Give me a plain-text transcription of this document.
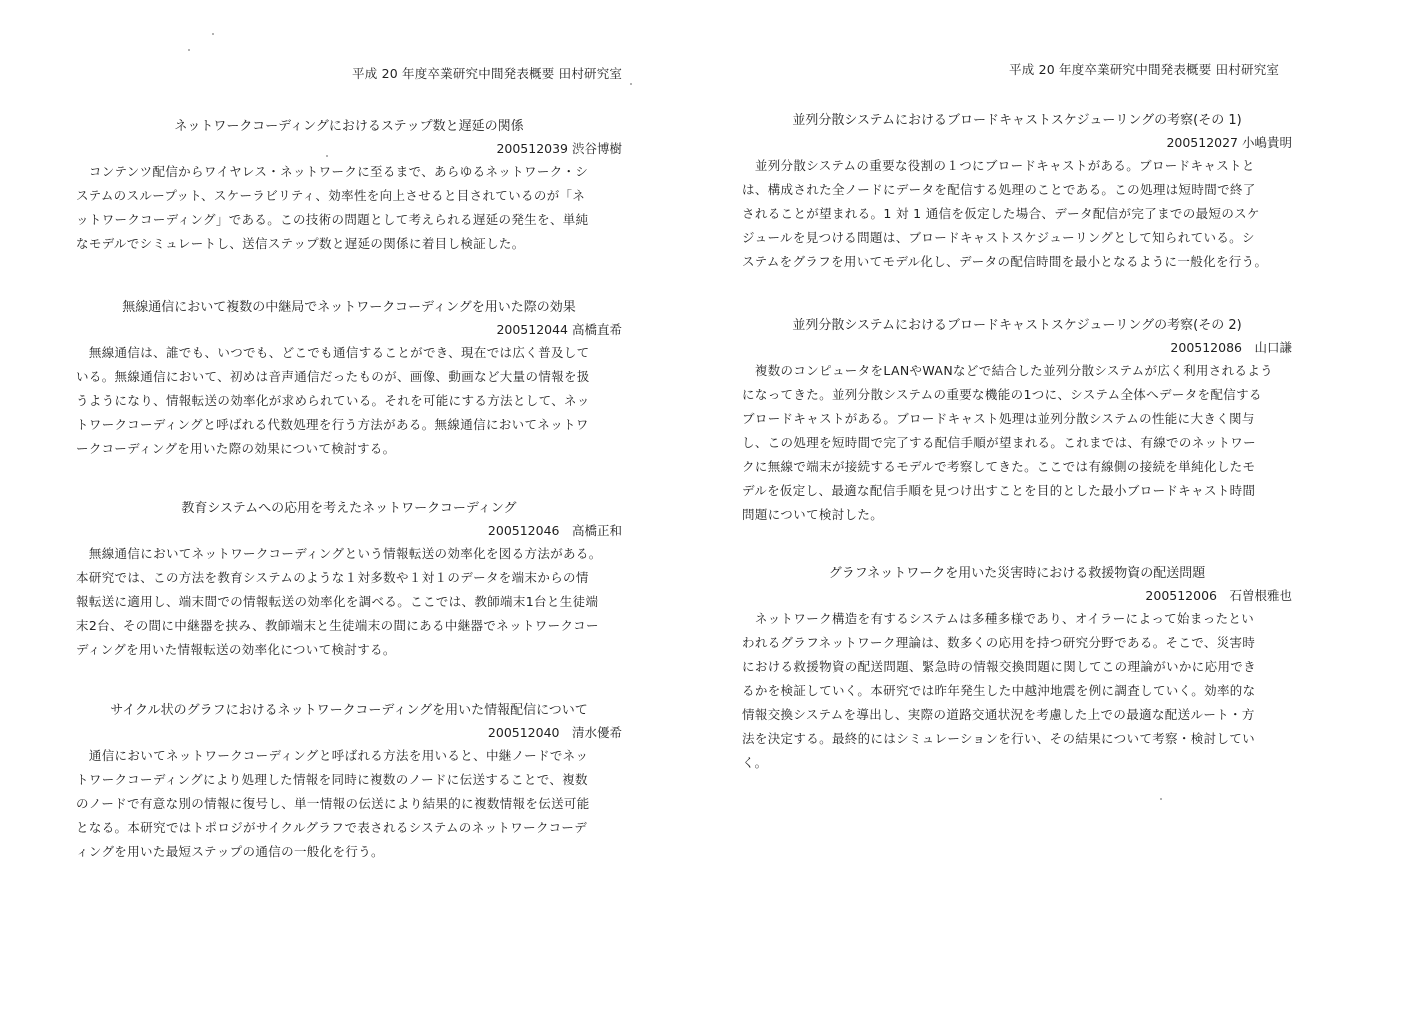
平成 20 年度卒業研究中間発表概要 田村研究室
ネットワークコーディングにおけるステップ数と遅延の関係
200512039 渋谷博樹
　コンテンツ配信からワイヤレス・ネットワークに至るまで、あらゆるネットワーク・シ
ステムのスループット、スケーラビリティ、効率性を向上させると目されているのが「ネ
ットワークコーディング」である。この技術の問題として考えられる遅延の発生を、単純
なモデルでシミュレートし、送信ステップ数と遅延の関係に着目し検証した。
無線通信において複数の中継局でネットワークコーディングを用いた際の効果
200512044 高橋直希
　無線通信は、誰でも、いつでも、どこでも通信することができ、現在では広く普及して
いる。無線通信において、初めは音声通信だったものが、画像、動画など大量の情報を扱
うようになり、情報転送の効率化が求められている。それを可能にする方法として、ネッ
トワークコーディングと呼ばれる代数処理を行う方法がある。無線通信においてネットワ
ークコーディングを用いた際の効果について検討する。
教育システムへの応用を考えたネットワークコーディング
200512046　高橋正和
　無線通信においてネットワークコーディングという情報転送の効率化を図る方法がある。
本研究では、この方法を教育システムのような１対多数や１対１のデータを端末からの情
報転送に適用し、端末間での情報転送の効率化を調べる。ここでは、教師端末1台と生徒端
末2台、その間に中継器を挟み、教師端末と生徒端末の間にある中継器でネットワークコー
ディングを用いた情報転送の効率化について検討する。
サイクル状のグラフにおけるネットワークコーディングを用いた情報配信について
200512040　清水優希
　通信においてネットワークコーディングと呼ばれる方法を用いると、中継ノードでネッ
トワークコーディングにより処理した情報を同時に複数のノードに伝送することで、複数
のノードで有意な別の情報に復号し、単一情報の伝送により結果的に複数情報を伝送可能
となる。本研究ではトポロジがサイクルグラフで表されるシステムのネットワークコーデ
ィングを用いた最短ステップの通信の一般化を行う。
平成 20 年度卒業研究中間発表概要 田村研究室
並列分散システムにおけるブロードキャストスケジューリングの考察(その 1)
200512027 小嶋貴明
　並列分散システムの重要な役割の１つにブロードキャストがある。ブロードキャストと
は、構成された全ノードにデータを配信する処理のことである。この処理は短時間で終了
されることが望まれる。1 対 1 通信を仮定した場合、データ配信が完了までの最短のスケ
ジュールを見つける問題は、ブロードキャストスケジューリングとして知られている。シ
ステムをグラフを用いてモデル化し、データの配信時間を最小となるように一般化を行う。
並列分散システムにおけるブロードキャストスケジューリングの考察(その 2)
200512086　山口謙
　複数のコンピュータをLANやWANなどで結合した並列分散システムが広く利用されるよう
になってきた。並列分散システムの重要な機能の1つに、システム全体へデータを配信する
ブロードキャストがある。ブロードキャスト処理は並列分散システムの性能に大きく関与
し、この処理を短時間で完了する配信手順が望まれる。これまでは、有線でのネットワー
クに無線で端末が接続するモデルで考察してきた。ここでは有線側の接続を単純化したモ
デルを仮定し、最適な配信手順を見つけ出すことを目的とした最小ブロードキャスト時間
問題について検討した。
グラフネットワークを用いた災害時における救援物資の配送問題
200512006　石曽根雅也
　ネットワーク構造を有するシステムは多種多様であり、オイラーによって始まったとい
われるグラフネットワーク理論は、数多くの応用を持つ研究分野である。そこで、災害時
における救援物資の配送問題、緊急時の情報交換問題に関してこの理論がいかに応用でき
るかを検証していく。本研究では昨年発生した中越沖地震を例に調査していく。効率的な
情報交換システムを導出し、実際の道路交通状況を考慮した上での最適な配送ルート・方
法を決定する。最終的にはシミュレーションを行い、その結果について考察・検討してい
く。
